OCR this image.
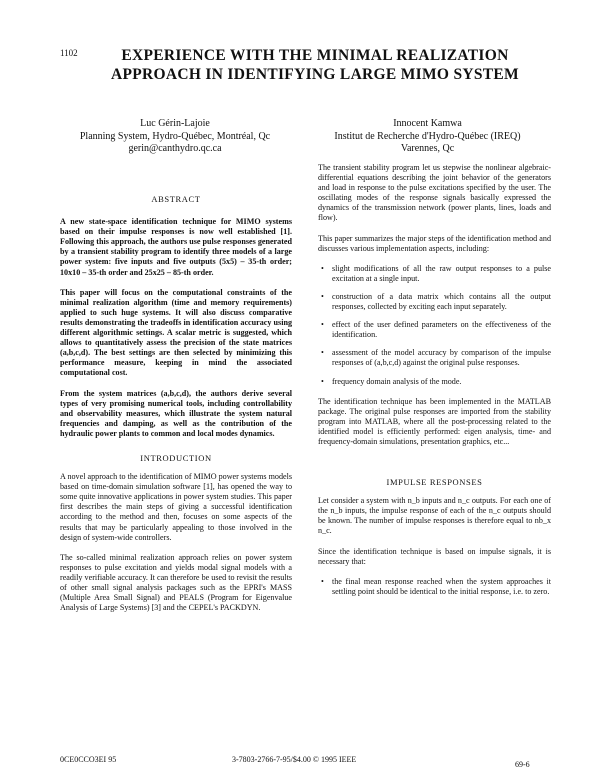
1102	EXPERIENCE WITH THE MINIMAL REALIZATION APPROACH IN IDENTIFYING LARGE MIMO SYSTEM
Luc Gérin-Lajoie
Planning System, Hydro-Québec, Montréal, Qc
gerin@canthydro.qc.ca
Innocent Kamwa
Institut de Recherche d'Hydro-Québec (IREQ)
Varennes, Qc
ABSTRACT

A new state-space identification technique for MIMO systems based on their impulse responses is now well established [1]. Following this approach, the authors use pulse responses generated by a transient stability program to identify three models of a large power system: five inputs and five outputs (5x5) – 35-th order; 10x10 – 35-th order and 25x25 – 85-th order.

This paper will focus on the computational constraints of the minimal realization algorithm (time and memory requirements) applied to such huge systems. It will also discuss comparative results demonstrating the tradeoffs in identification accuracy using different algorithmic settings. A scalar metric is suggested, which allows to quantitatively assess the precision of the state matrices (a,b,c,d). The best settings are then selected by minimizing this performance measure, keeping in mind the associated computational cost.

From the system matrices (a,b,c,d), the authors derive several types of very promising numerical tools, including controllability and observability measures, which illustrate the system natural frequencies and damping, as well as the contribution of the hydraulic power plants to common and local modes dynamics.

INTRODUCTION

A novel approach to the identification of MIMO power systems models based on time-domain simulation software [1], has opened the way to some quite innovative applications in power system studies. This paper first describes the main steps of giving a successful identification according to the method and then, focuses on some aspects of the results that may be particularly appealing to those involved in the design of system-wide controllers.

The so-called minimal realization approach relies on power system responses to pulse excitation and yields modal signal models with a readily verifiable accuracy. It can therefore be used to revisit the results of other small signal analysis packages such as the EPRI's MASS (Multiple Area Small Signal) and PEALS (Program for Eigenvalue Analysis of Large Systems) [3] and the CEPEL's PACKDYN.

The transient stability program let us stepwise the nonlinear algebraic-differential equations describing the joint behavior of the generators and load in response to the pulse excitations specified by the user. The oscillating modes of the response signals basically expressed the dynamics of the transmission network (power plants, lines, loads and flow).

This paper summarizes the major steps of the identification method and discusses various implementation aspects, including:

• slight modifications of all the raw output responses to a pulse excitation at a single input.
• construction of a data matrix which contains all the output responses, collected by exciting each input separately.
• effect of the user defined parameters on the effectiveness of the identification.
• assessment of the model accuracy by comparison of the impulse responses of (a,b,c,d) against the original pulse responses.
• frequency domain analysis of the mode.

The identification technique has been implemented in the MATLAB package. The original pulse responses are imported from the stability program into MATLAB, where all the post-processing related to the identified model is efficiently performed: eigen analysis, time- and frequency-domain simulations, presentation graphics, etc...

IMPULSE RESPONSES

Let consider a system with n_b inputs and n_c outputs. For each one of the n_b inputs, the impulse response of each of the n_c outputs should be known. The number of impulse responses is therefore equal to nb_x n_c.

Since the identification technique is based on impulse signals, it is necessary that:

• the final mean response reached when the system approaches it settling point should be identical to the initial response, i.e. to zero.
0CE0CCO3EI 95	3-7803-2766-7-95/$4.00 © 1995 IEEE
69-6
